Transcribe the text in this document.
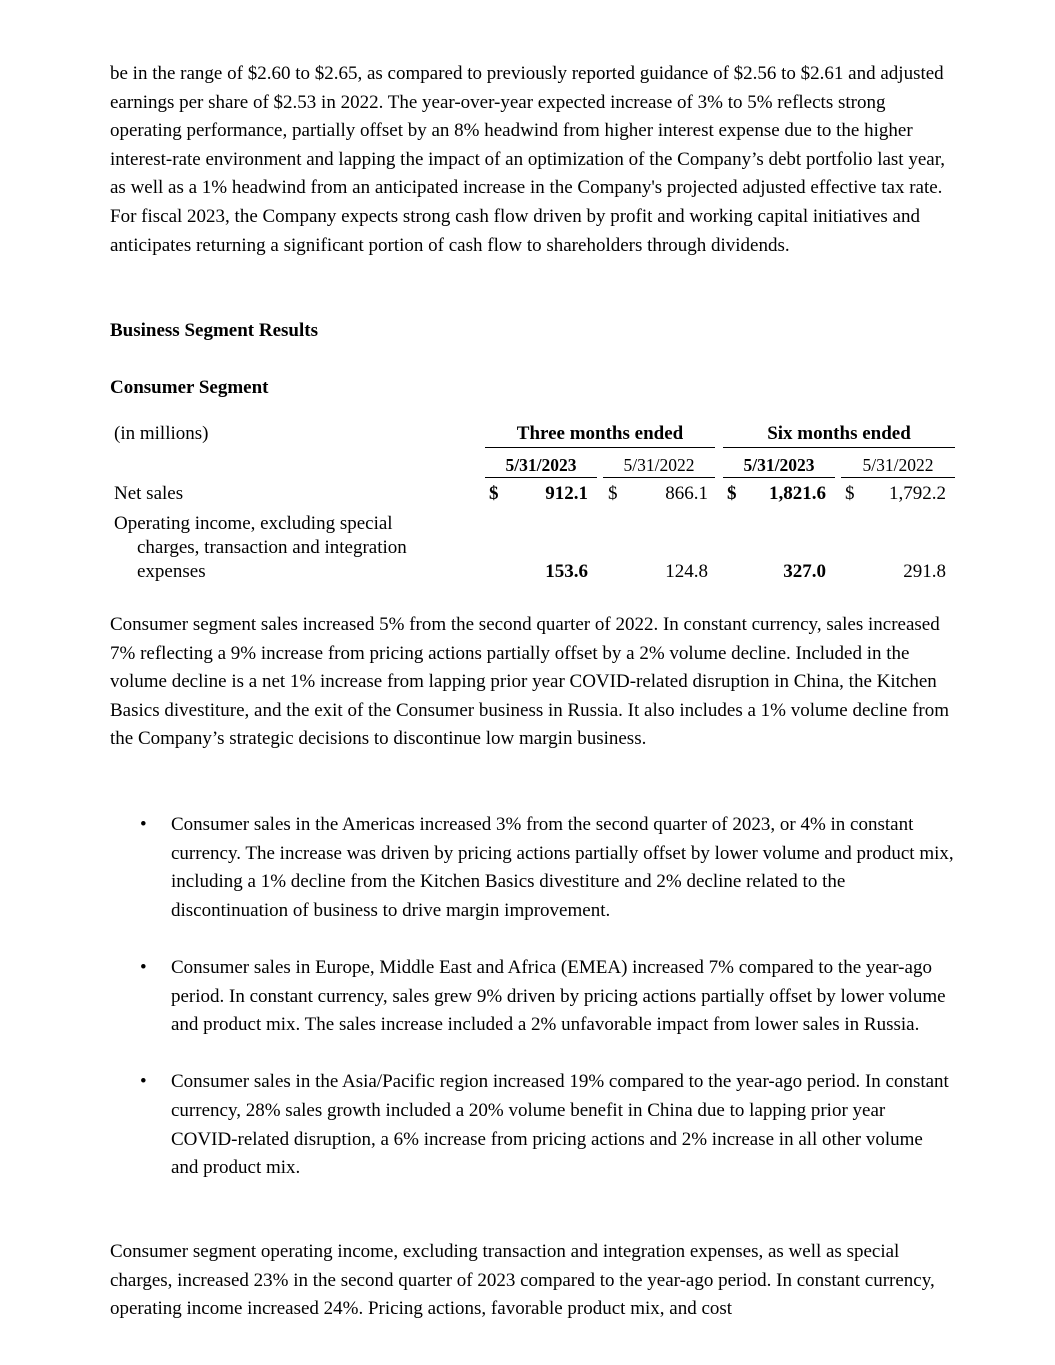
be in the range of $2.60 to $2.65, as compared to previously reported guidance of $2.56 to $2.61 and adjusted earnings per share of $2.53 in 2022. The year-over-year expected increase of 3% to 5% reflects strong operating performance, partially offset by an 8% headwind from higher interest expense due to the higher interest-rate environment and lapping the impact of an optimization of the Company’s debt portfolio last year, as well as a 1% headwind from an anticipated increase in the Company's projected adjusted effective tax rate. For fiscal 2023, the Company expects strong cash flow driven by profit and working capital initiatives and anticipates returning a significant portion of cash flow to shareholders through dividends.

Business Segment Results

Consumer Segment

(in millions)	Three months ended	Six months ended
5/31/2023	5/31/2022	5/31/2023	5/31/2022
Net sales	$	912.1 $	866.1 $	1,821.6 $	1,792.2
Operating income, excluding special
charges, transaction and integration
expenses	153.6	124.8	327.0	291.8

Consumer segment sales increased 5% from the second quarter of 2022. In constant currency, sales increased 7% reflecting a 9% increase from pricing actions partially offset by a 2% volume decline. Included in the volume decline is a net 1% increase from lapping prior year COVID-related disruption in China, the Kitchen Basics divestiture, and the exit of the Consumer business in Russia. It also includes a 1% volume decline from the Company’s strategic decisions to discontinue low margin business.

• Consumer sales in the Americas increased 3% from the second quarter of 2023, or 4% in constant currency. The increase was driven by pricing actions partially offset by lower volume and product mix, including a 1% decline from the Kitchen Basics divestiture and 2% decline related to the discontinuation of business to drive margin improvement.

• Consumer sales in Europe, Middle East and Africa (EMEA) increased 7% compared to the year-ago period. In constant currency, sales grew 9% driven by pricing actions partially offset by lower volume and product mix. The sales increase included a 2% unfavorable impact from lower sales in Russia.

• Consumer sales in the Asia/Pacific region increased 19% compared to the year-ago period. In constant currency, 28% sales growth included a 20% volume benefit in China due to lapping prior year COVID-related disruption, a 6% increase from pricing actions and 2% increase in all other volume and product mix.

Consumer segment operating income, excluding transaction and integration expenses, as well as special charges, increased 23% in the second quarter of 2023 compared to the year-ago period. In constant currency, operating income increased 24%. Pricing actions, favorable product mix, and cost
